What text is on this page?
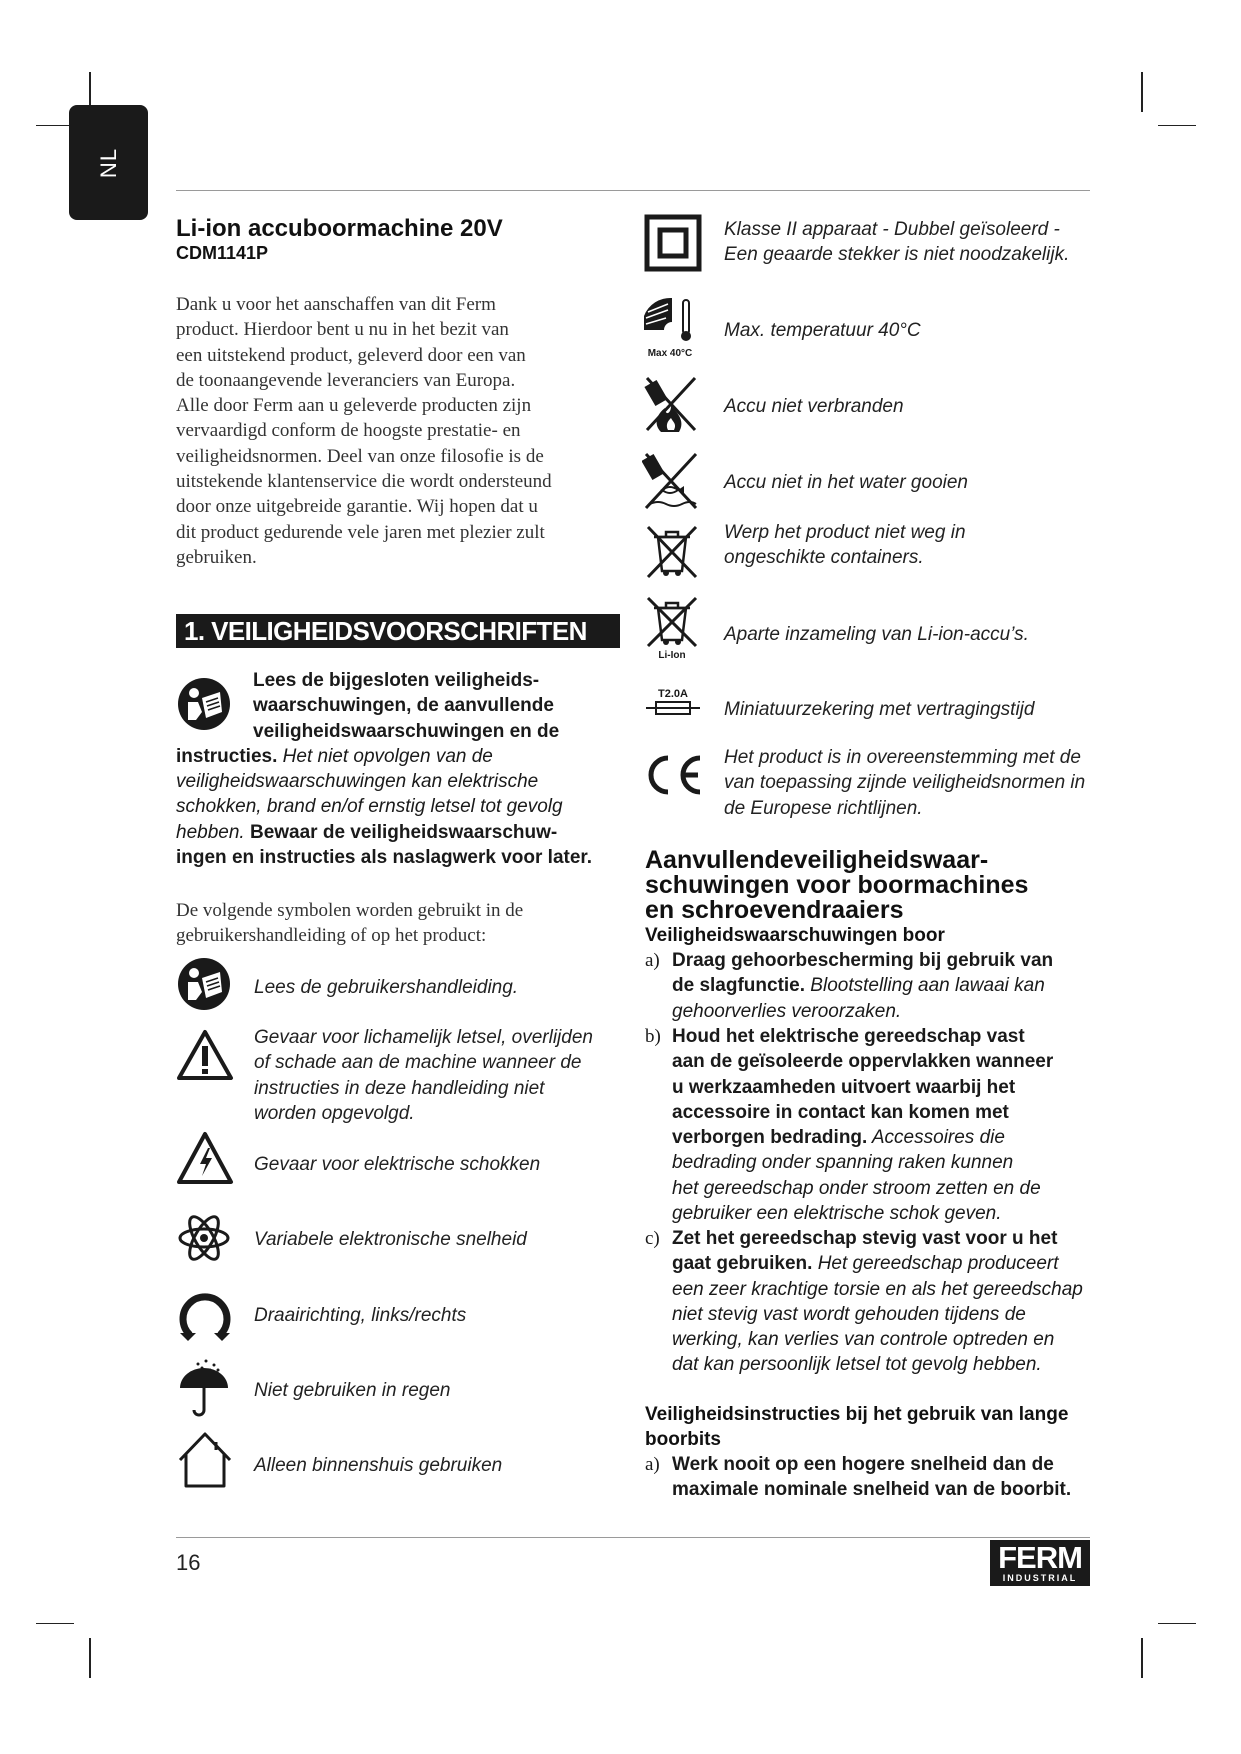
NL
Li-ion accuboormachine 20V
CDM1141P
Dank u voor het aanschaffen van dit Ferm
product. Hierdoor bent u nu in het bezit van
een uitstekend product, geleverd door een van
de toonaangevende leveranciers van Europa.
Alle door Ferm aan u geleverde producten zijn
vervaardigd conform de hoogste prestatie- en
veiligheidsnormen. Deel van onze filosofie is de
uitstekende klantenservice die wordt ondersteund
door onze uitgebreide garantie. Wij hopen dat u
dit product gedurende vele jaren met plezier zult
gebruiken.
1. VEILIGHEIDSVOORSCHRIFTEN
Lees de bijgesloten veiligheids-
waarschuwingen, de aanvullende
veiligheidswaarschuwingen en de
instructies. Het niet opvolgen van de
veiligheidswaarschuwingen kan elektrische
schokken, brand en/of ernstig letsel tot gevolg
hebben. Bewaar de veiligheidswaarschuw-
ingen en instructies als naslagwerk voor later.
De volgende symbolen worden gebruikt in de
gebruikershandleiding of op het product:
Lees de gebruikershandleiding.
Gevaar voor lichamelijk letsel, overlijden
of schade aan de machine wanneer de
instructies in deze handleiding niet
worden opgevolgd.
Gevaar voor elektrische schokken
Variabele elektronische snelheid
Draairichting, links/rechts
Niet gebruiken in regen
Alleen binnenshuis gebruiken
Klasse II apparaat - Dubbel geïsoleerd -
Een geaarde stekker is niet noodzakelijk.
Max 40°C
Max. temperatuur 40°C
Accu niet verbranden
Accu niet in het water gooien
Werp het product niet weg in
ongeschikte containers.
Li-Ion
Aparte inzameling van Li-ion-accu’s.
T2.0A
Miniatuurzekering met vertragingstijd
Het product is in overeenstemming met de
van toepassing zijnde veiligheidsnormen in
de Europese richtlijnen.
Aanvullendeveiligheidswaar-
schuwingen voor boormachines
en schroevendraaiers
Veiligheidswaarschuwingen boor
a) Drааg gehoorbescherming bij gebruik van
de slagfunctie. Blootstelling aan lawaai kan
gehoorverlies veroorzaken.
b) Houd het elektrische gereedschap vast
aan de geïsoleerde oppervlakken wanneer
u werkzaamheden uitvoert waarbij het
accessoire in contact kan komen met
verborgen bedrading. Accessoires die
bedrading onder spanning raken kunnen
het gereedschap onder stroom zetten en de
gebruiker een elektrische schok geven.
c) Zet het gereedschap stevig vast voor u het
gaat gebruiken. Het gereedschap produceert
een zeer krachtige torsie en als het gereedschap
niet stevig vast wordt gehouden tijdens de
werking, kan verlies van controle optreden en
dat kan persoonlijk letsel tot gevolg hebben.
Veiligheidsinstructies bij het gebruik van lange
boorbits
a) Werk nooit op een hogere snelheid dan de
maximale nominale snelheid van de boorbit.
16	FERM
INDUSTRIAL
